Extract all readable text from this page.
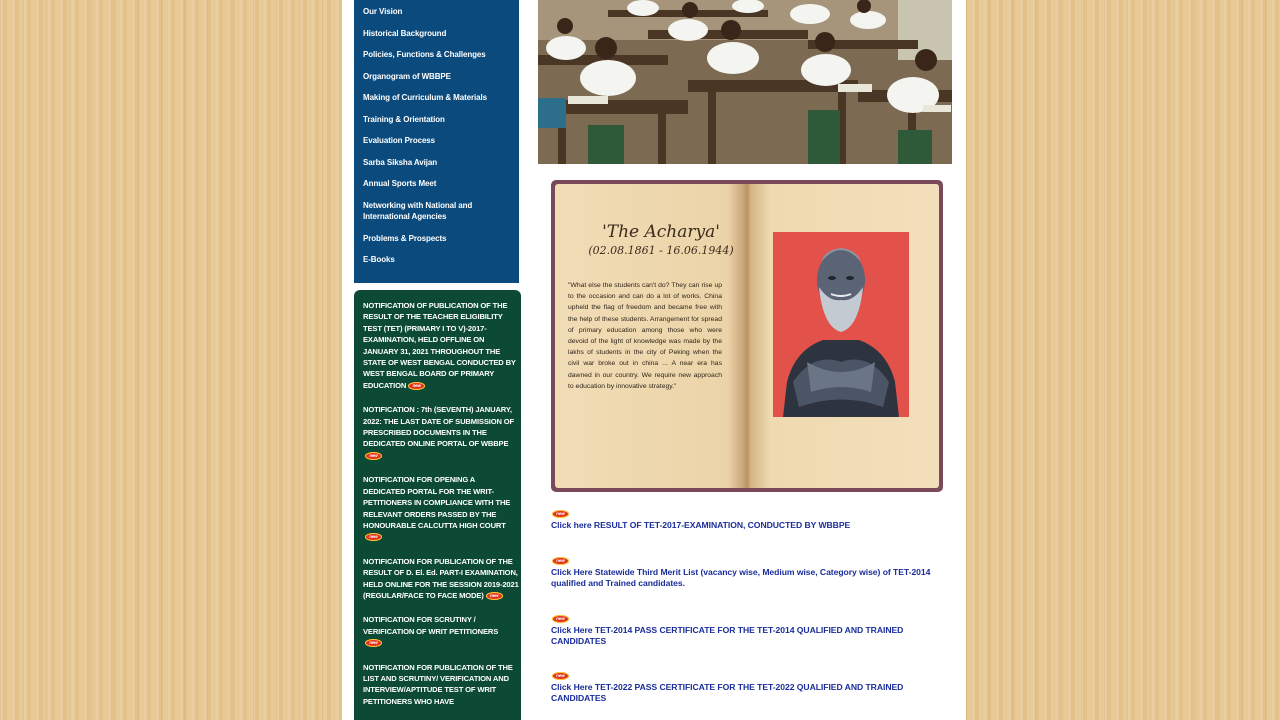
Our Vision
Historical Background
Policies, Functions & Challenges
Organogram of WBBPE
Making of Curriculum & Materials
Training & Orientation
Evaluation Process
Sarba Siksha Avijan
Annual Sports Meet
Networking with National and International Agencies
Problems & Prospects
E-Books
NOTIFICATION OF PUBLICATION OF THE RESULT OF THE TEACHER ELIGIBILITY TEST (TET) (PRIMARY I TO V)-2017-EXAMINATION, HELD OFFLINE ON JANUARY 31, 2021 THROUGHOUT THE STATE OF WEST BENGAL CONDUCTED BY WEST BENGAL BOARD OF PRIMARY EDUCATION new
NOTIFICATION : 7th (SEVENTH) JANUARY, 2022: THE LAST DATE OF SUBMISSION OF PRESCRIBED DOCUMENTS IN THE DEDICATED ONLINE PORTAL OF WBBPEnew
NOTIFICATION FOR OPENING A DEDICATED PORTAL FOR THE WRIT-PETITIONERS IN COMPLIANCE WITH THE RELEVANT ORDERS PASSED BY THE HONOURABLE CALCUTTA HIGH COURTnew
NOTIFICATION FOR PUBLICATION OF THE RESULT OF D. El. Ed. PART-I EXAMINATION, HELD ONLINE FOR THE SESSION 2019-2021 (REGULAR/FACE TO FACE MODE) new
NOTIFICATION FOR SCRUTINY / VERIFICATION OF WRIT PETITIONERS new
NOTIFICATION FOR PUBLICATION OF THE LIST AND SCRUTINY/ VERIFICATION AND INTERVIEW/APTITUDE TEST OF WRIT PETITIONERS WHO HAVE
'The Acharya'
(02.08.1861 - 16.06.1944)
"What else the students can't do? They can rise up to the occasion and can do a lot of works. China upheld the flag of freedom and became free with the help of these students. Arrangement for spread of primary education among those who were devoid of the light of knowledge was made by the lakhs of students in the city of Peking when the civil war broke out in china ... A near era has dawned in our country. We require new approach to education by innovative strategy."
new
Click here RESULT OF TET-2017-EXAMINATION, CONDUCTED BY WBBPE
new
Click Here Statewide Third Merit List (vacancy wise, Medium wise, Category wise) of TET-2014 qualified and Trained candidates.
new
Click Here TET-2014 PASS CERTIFICATE FOR THE TET-2014 QUALIFIED AND TRAINED CANDIDATES
new
Click Here TET-2022 PASS CERTIFICATE FOR THE TET-2022 QUALIFIED AND TRAINED CANDIDATES
